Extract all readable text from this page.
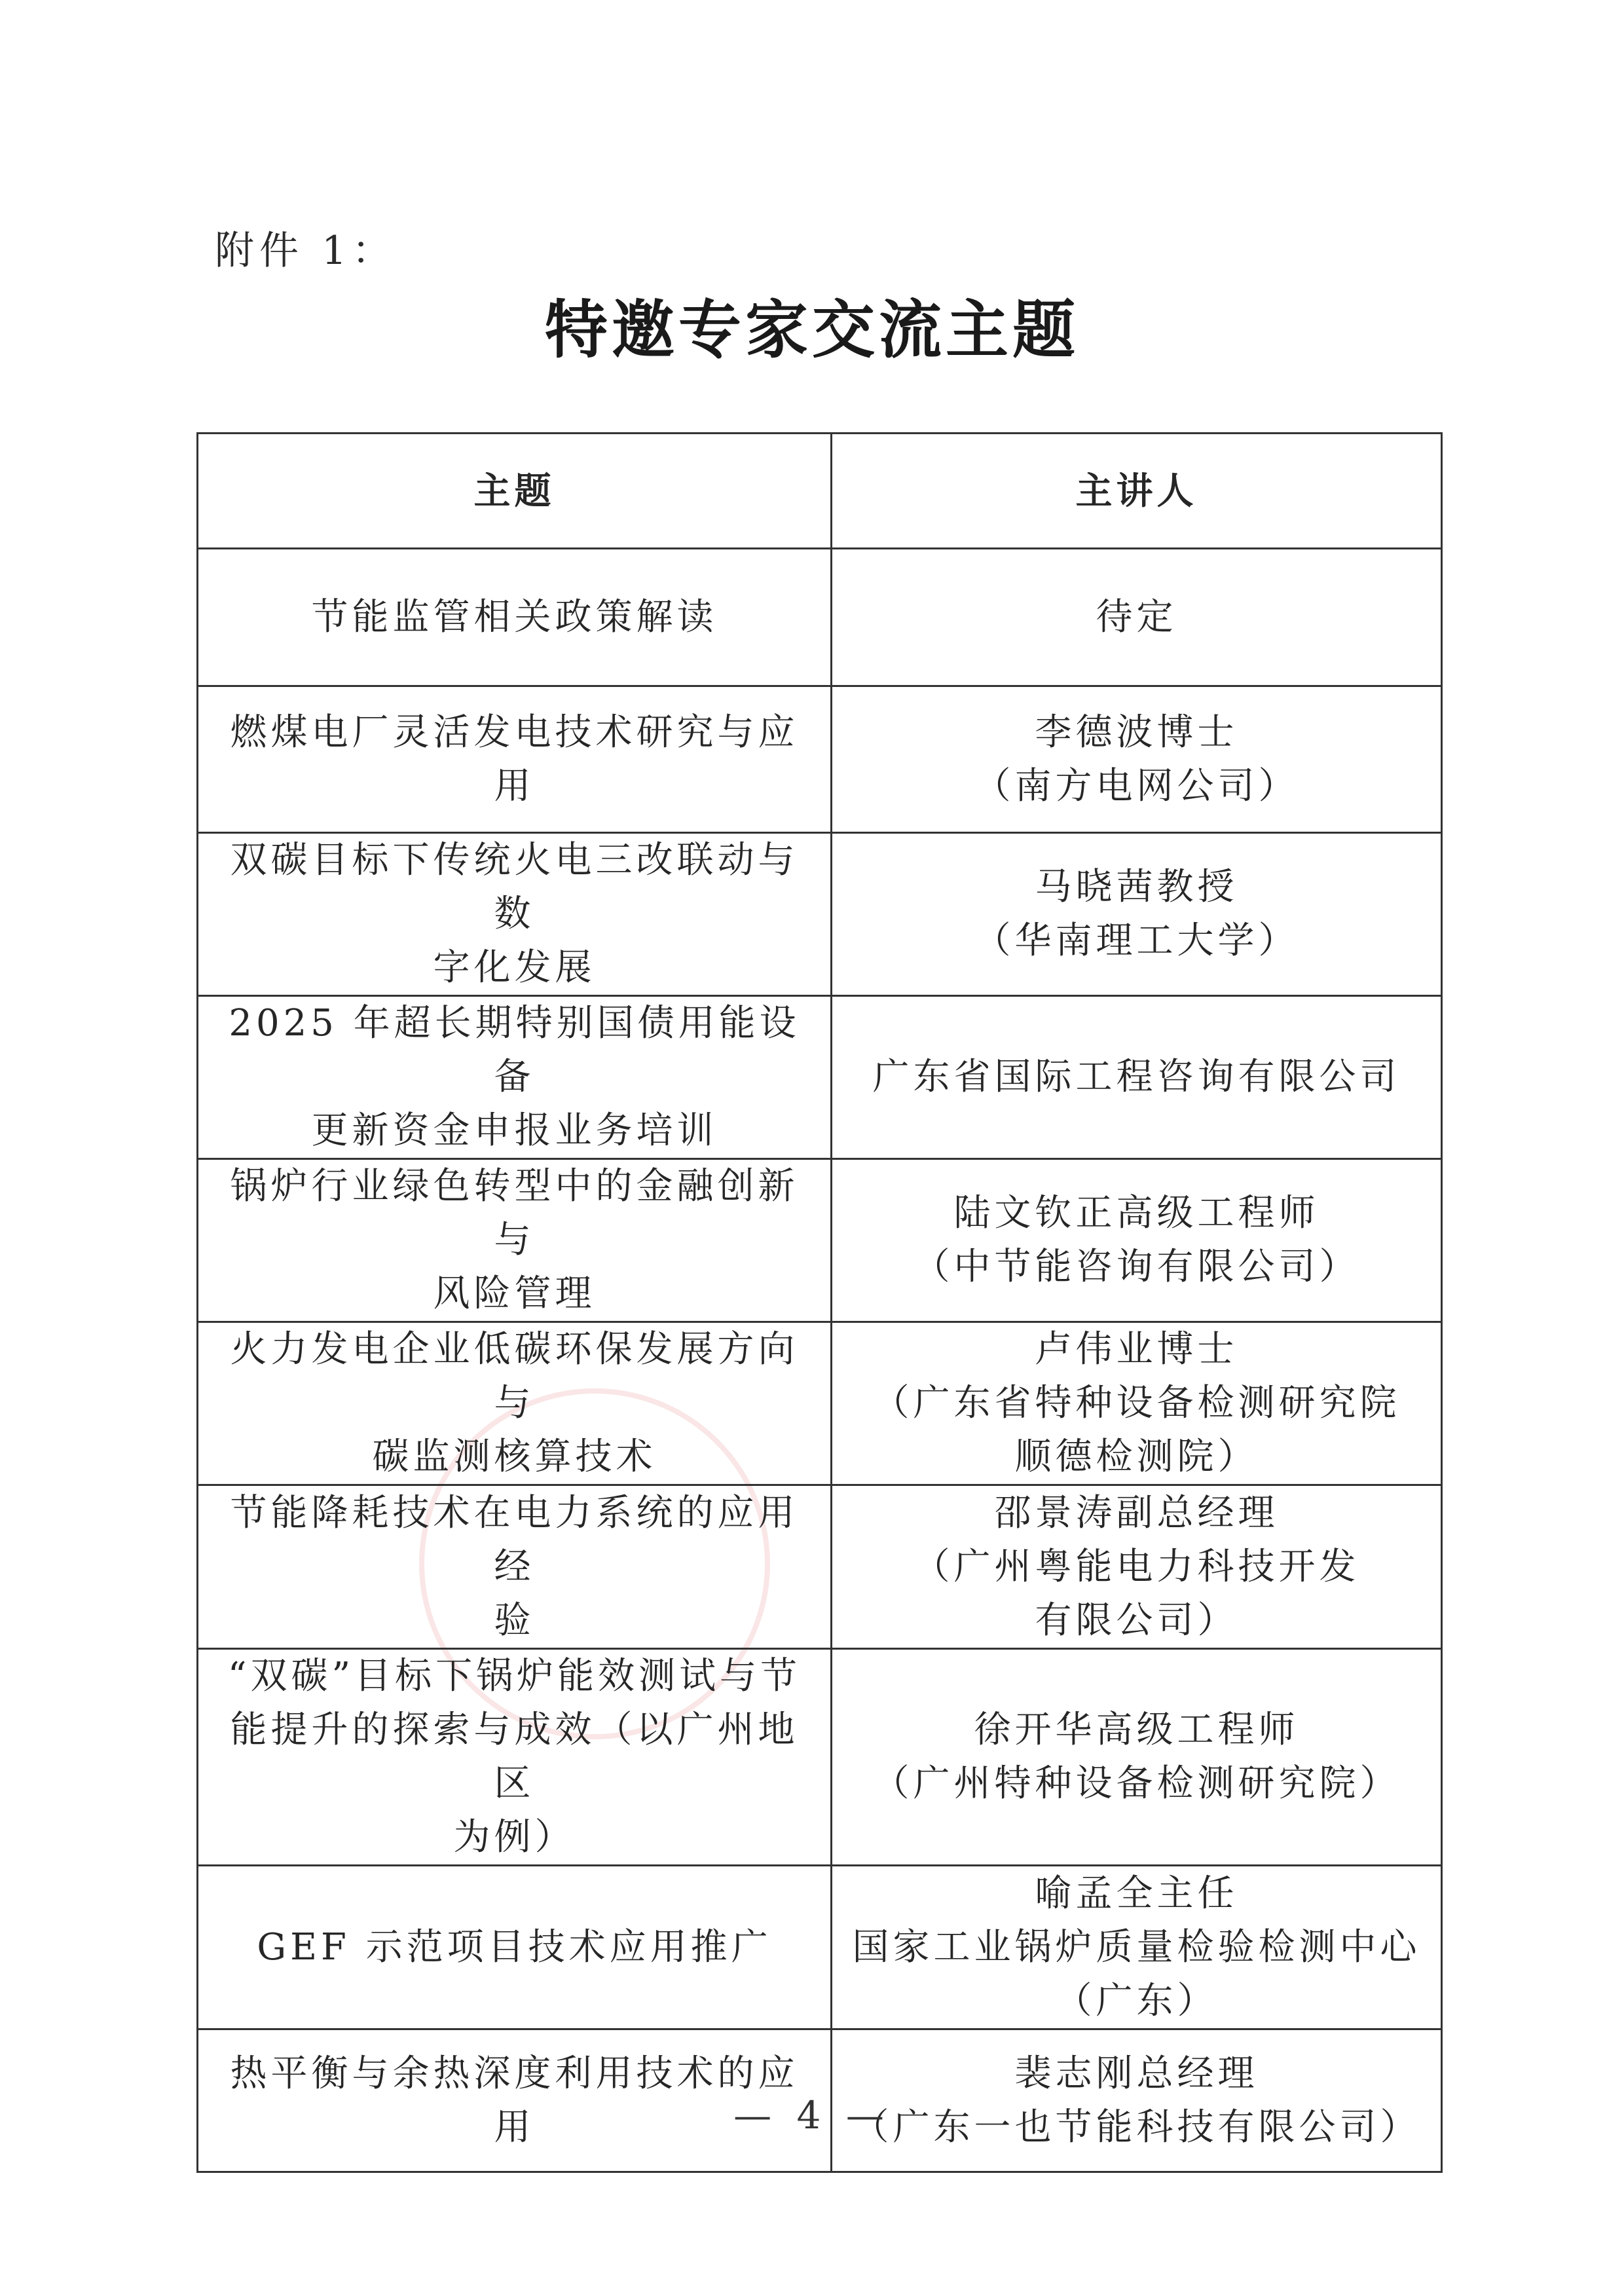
附件 1：
特邀专家交流主题
主题	主讲人

节能监管相关政策解读	待定

燃煤电厂灵活发电技术研究与应用	李德波博士
（南方电网公司）

双碳目标下传统火电三改联动与数
字化发展	马晓茜教授
（华南理工大学）

2025 年超长期特别国债用能设备
更新资金申报业务培训	广东省国际工程咨询有限公司

锅炉行业绿色转型中的金融创新与
风险管理	陆文钦正高级工程师
（中节能咨询有限公司）

火力发电企业低碳环保发展方向与
碳监测核算技术	卢伟业博士
（广东省特种设备检测研究院
顺德检测院）

节能降耗技术在电力系统的应用经
验	邵景涛副总经理
（广州粤能电力科技开发
有限公司）

“双碳”目标下锅炉能效测试与节
能提升的探索与成效（以广州地区
为例）	徐开华高级工程师
（广州特种设备检测研究院）

GEF 示范项目技术应用推广	喻孟全主任
国家工业锅炉质量检验检测中心
（广东）

热平衡与余热深度利用技术的应用	裴志刚总经理
（广东一也节能科技有限公司）
— 4 —
